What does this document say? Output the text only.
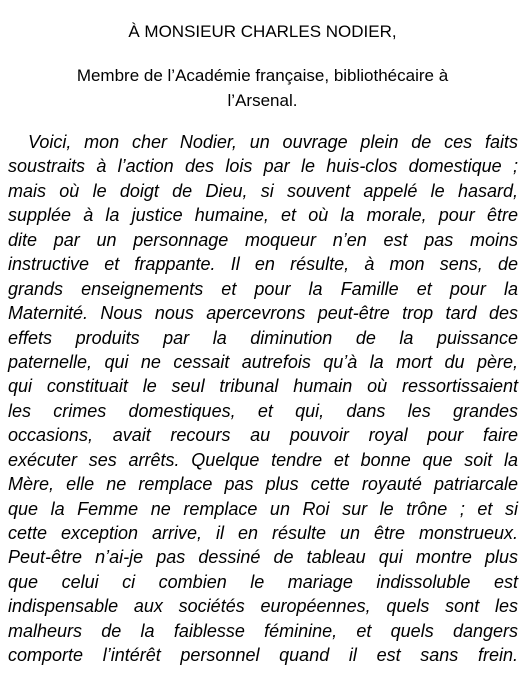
À MONSIEUR CHARLES NODIER,
Membre de l’Académie française, bibliothécaire à
l’Arsenal.
Voici, mon cher Nodier, un ouvrage plein de ces faits
soustraits à l’action des lois par le huis-clos domestique ;
mais où le doigt de Dieu, si souvent appelé le hasard,
supplée à la justice humaine, et où la morale, pour être
dite par un personnage moqueur n’en est pas moins
instructive et frappante. Il en résulte, à mon sens, de
grands enseignements et pour la Famille et pour la
Maternité. Nous nous apercevrons peut-être trop tard des
effets produits par la diminution de la puissance
paternelle, qui ne cessait autrefois qu’à la mort du père,
qui constituait le seul tribunal humain où ressortissaient
les crimes domestiques, et qui, dans les grandes
occasions, avait recours au pouvoir royal pour faire
exécuter ses arrêts. Quelque tendre et bonne que soit la
Mère, elle ne remplace pas plus cette royauté patriarcale
que la Femme ne remplace un Roi sur le trône ; et si
cette exception arrive, il en résulte un être monstrueux.
Peut-être n’ai-je pas dessiné de tableau qui montre plus
que celui ci combien le mariage indissoluble est
indispensable aux sociétés européennes, quels sont les
malheurs de la faiblesse féminine, et quels dangers
comporte l’intérêt personnel quand il est sans frein.
